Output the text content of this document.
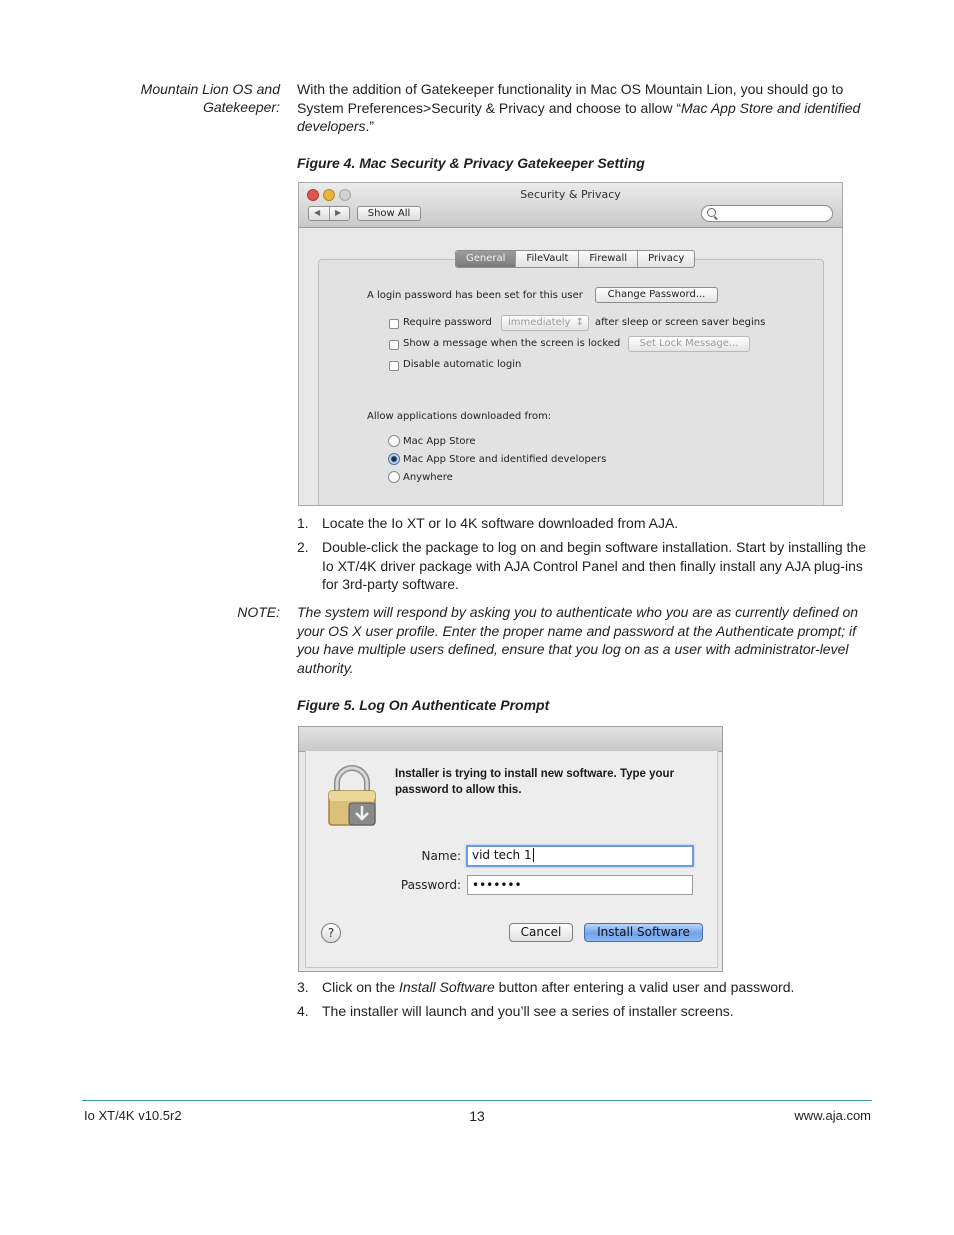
Mountain Lion OS and
Gatekeeper:
With the addition of Gatekeeper functionality in Mac OS Mountain Lion, you should go to System Preferences>Security & Privacy and choose to allow “Mac App Store and identified developers.”
Figure 4. Mac Security & Privacy Gatekeeper Setting
Security & Privacy
◀ ▶	Show All
General	FileVault	Firewall	Privacy
A login password has been set for this user	Change Password...
Require password	immediately ↕ after sleep or screen saver begins
Show a message when the screen is locked	Set Lock Message...
Disable automatic login
Allow applications downloaded from:
Mac App Store
Mac App Store and identified developers
Anywhere
1. Locate the Io XT or Io 4K software downloaded from AJA.
2. Double-click the package to log on and begin software installation. Start by installing the Io XT/4K driver package with AJA Control Panel and then finally install any AJA plug-ins for 3rd-party software.
NOTE: The system will respond by asking you to authenticate who you are as currently defined on your OS X user profile. Enter the proper name and password at the Authenticate prompt; if you have multiple users defined, ensure that you log on as a user with administrator-level authority.
Figure 5. Log On Authenticate Prompt
?	Cancel	Install Software
Name: vid tech 1
Password: •••••••
Installer is trying to install new software. Type your password to allow this.
3. Click on the Install Software button after entering a valid user and password.
4. The installer will launch and you’ll see a series of installer screens.
Io XT/4K v10.5r2	13	www.aja.com
